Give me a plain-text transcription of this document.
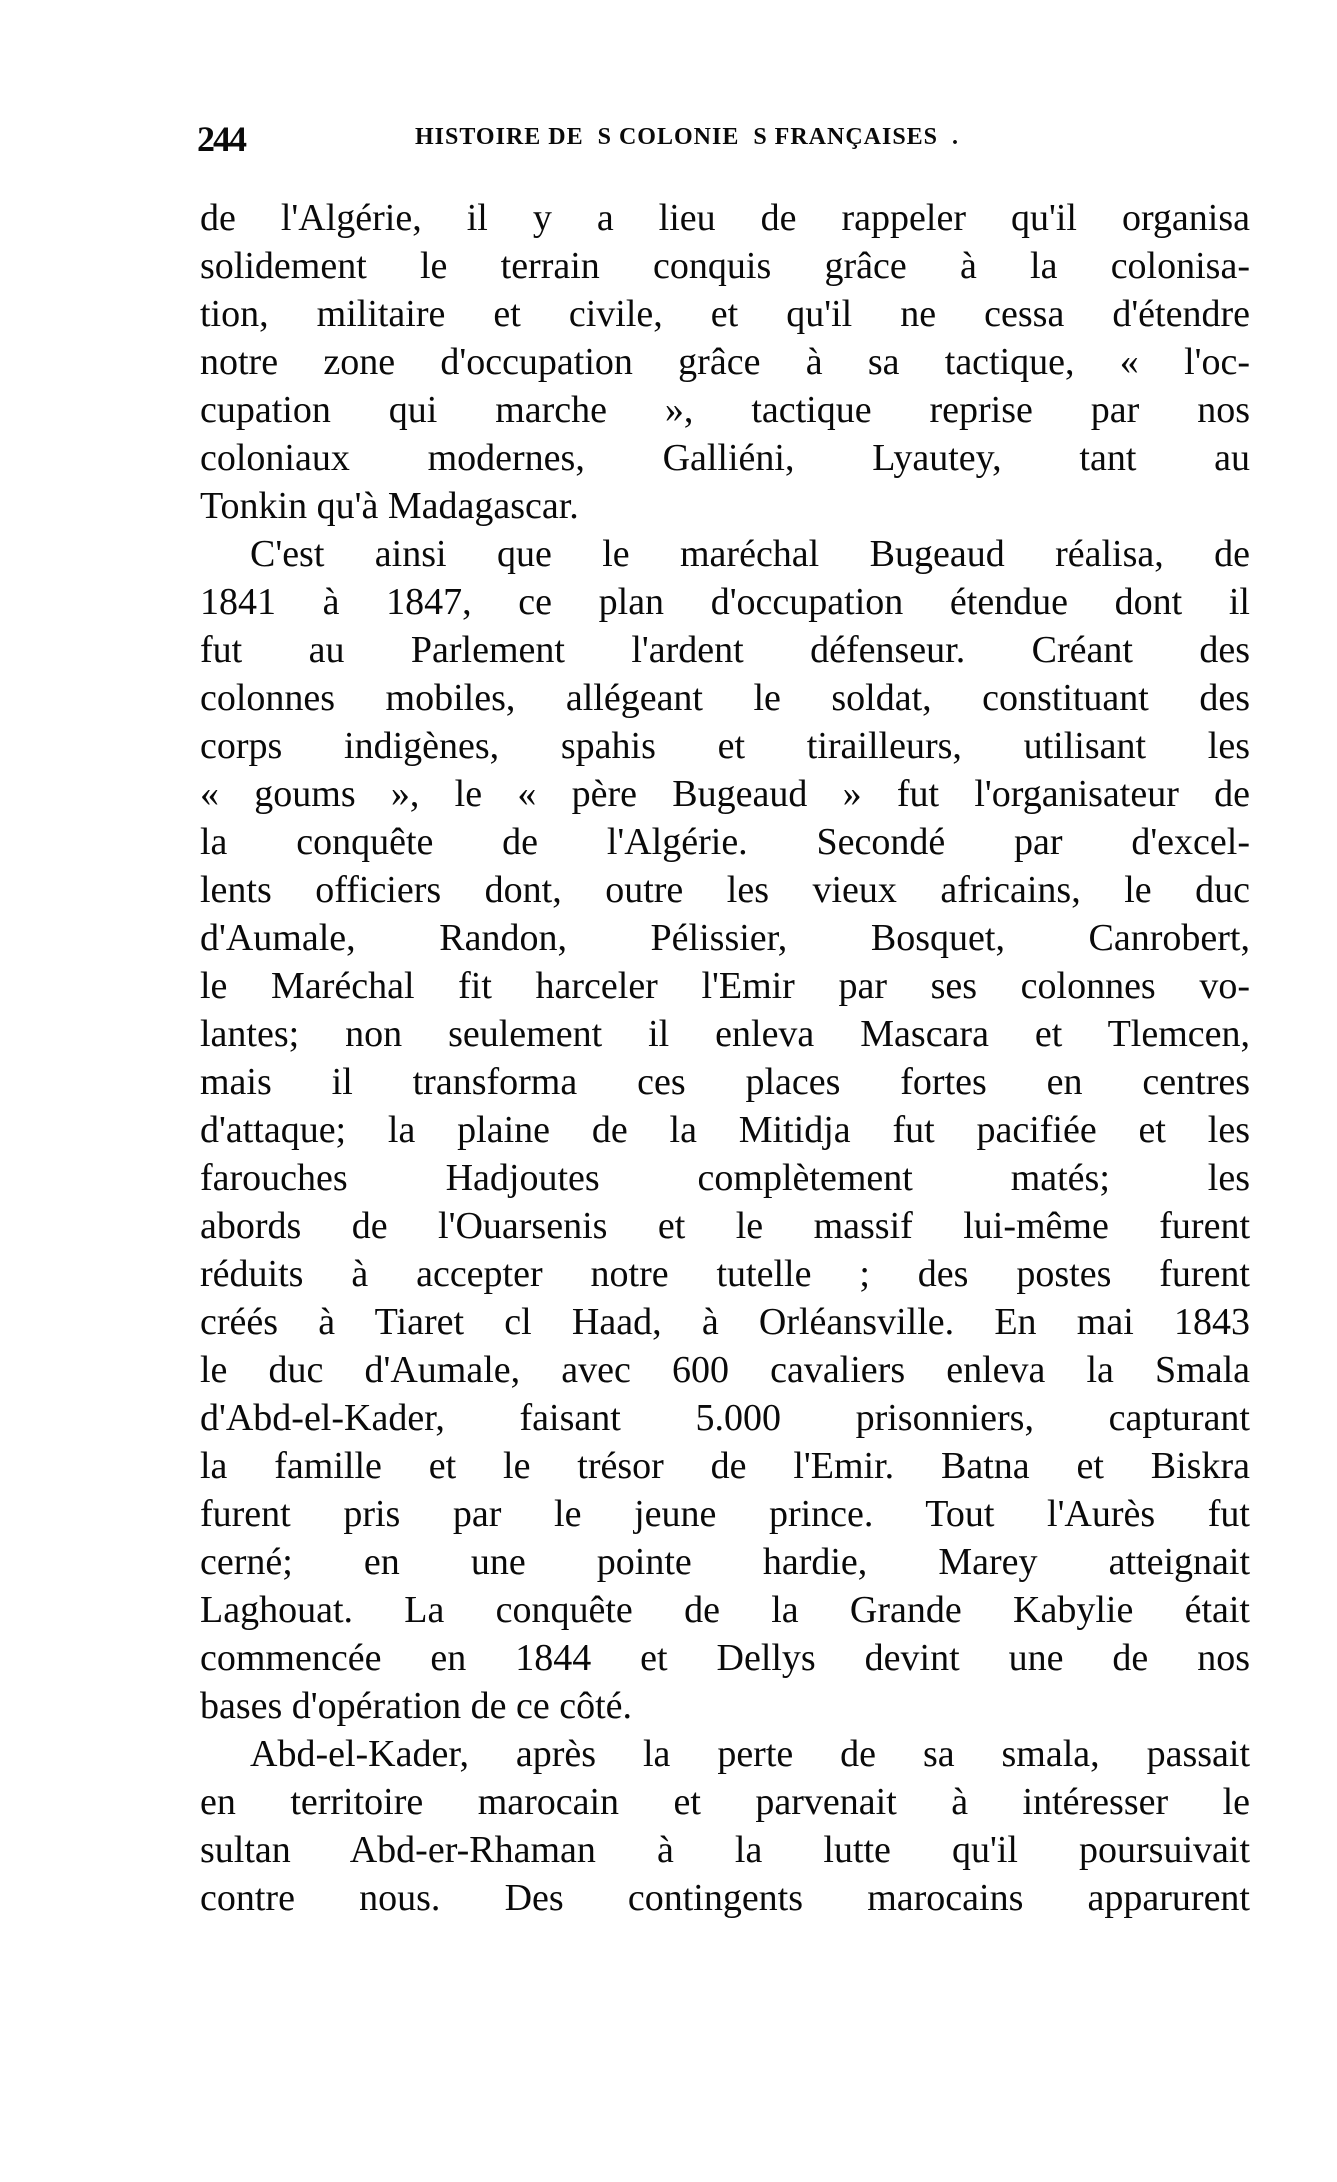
244	HISTOIRE DE  S COLONIE  S FRANÇAISES  .
de l'Algérie, il y a lieu de rappeler qu'il organisa
solidement le terrain conquis grâce à la colonisa-
tion, militaire et civile, et qu'il ne cessa d'étendre
notre zone d'occupation grâce à sa tactique, « l'oc-
cupation qui marche », tactique reprise par nos
coloniaux modernes, Galliéni, Lyautey, tant au
Tonkin qu'à Madagascar.
C'est ainsi que le maréchal Bugeaud réalisa, de
1841 à 1847, ce plan d'occupation étendue dont il
fut au Parlement l'ardent défenseur. Créant des
colonnes mobiles, allégeant le soldat, constituant des
corps indigènes, spahis et tirailleurs, utilisant les
« goums », le « père Bugeaud » fut l'organisateur de
la conquête de l'Algérie. Secondé par d'excel-
lents officiers dont, outre les vieux africains, le duc
d'Aumale, Randon, Pélissier, Bosquet, Canrobert,
le Maréchal fit harceler l'Emir par ses colonnes vo-
lantes; non seulement il enleva Mascara et Tlemcen,
mais il transforma ces places fortes en centres
d'attaque; la plaine de la Mitidja fut pacifiée et les
farouches Hadjoutes complètement matés; les
abords de l'Ouarsenis et le massif lui-même furent
réduits à accepter notre tutelle ; des postes furent
créés à Tiaret cl Haad, à Orléansville. En mai 1843
le duc d'Aumale, avec 600 cavaliers enleva la Smala
d'Abd-el-Kader, faisant 5.000 prisonniers, capturant
la famille et le trésor de l'Emir. Batna et Biskra
furent pris par le jeune prince. Tout l'Aurès fut
cerné; en une pointe hardie, Marey atteignait
Laghouat. La conquête de la Grande Kabylie était
commencée en 1844 et Dellys devint une de nos
bases d'opération de ce côté.
Abd-el-Kader, après la perte de sa smala, passait
en territoire marocain et parvenait à intéresser le
sultan Abd-er-Rhaman à la lutte qu'il poursuivait
contre nous. Des contingents marocains apparurent
